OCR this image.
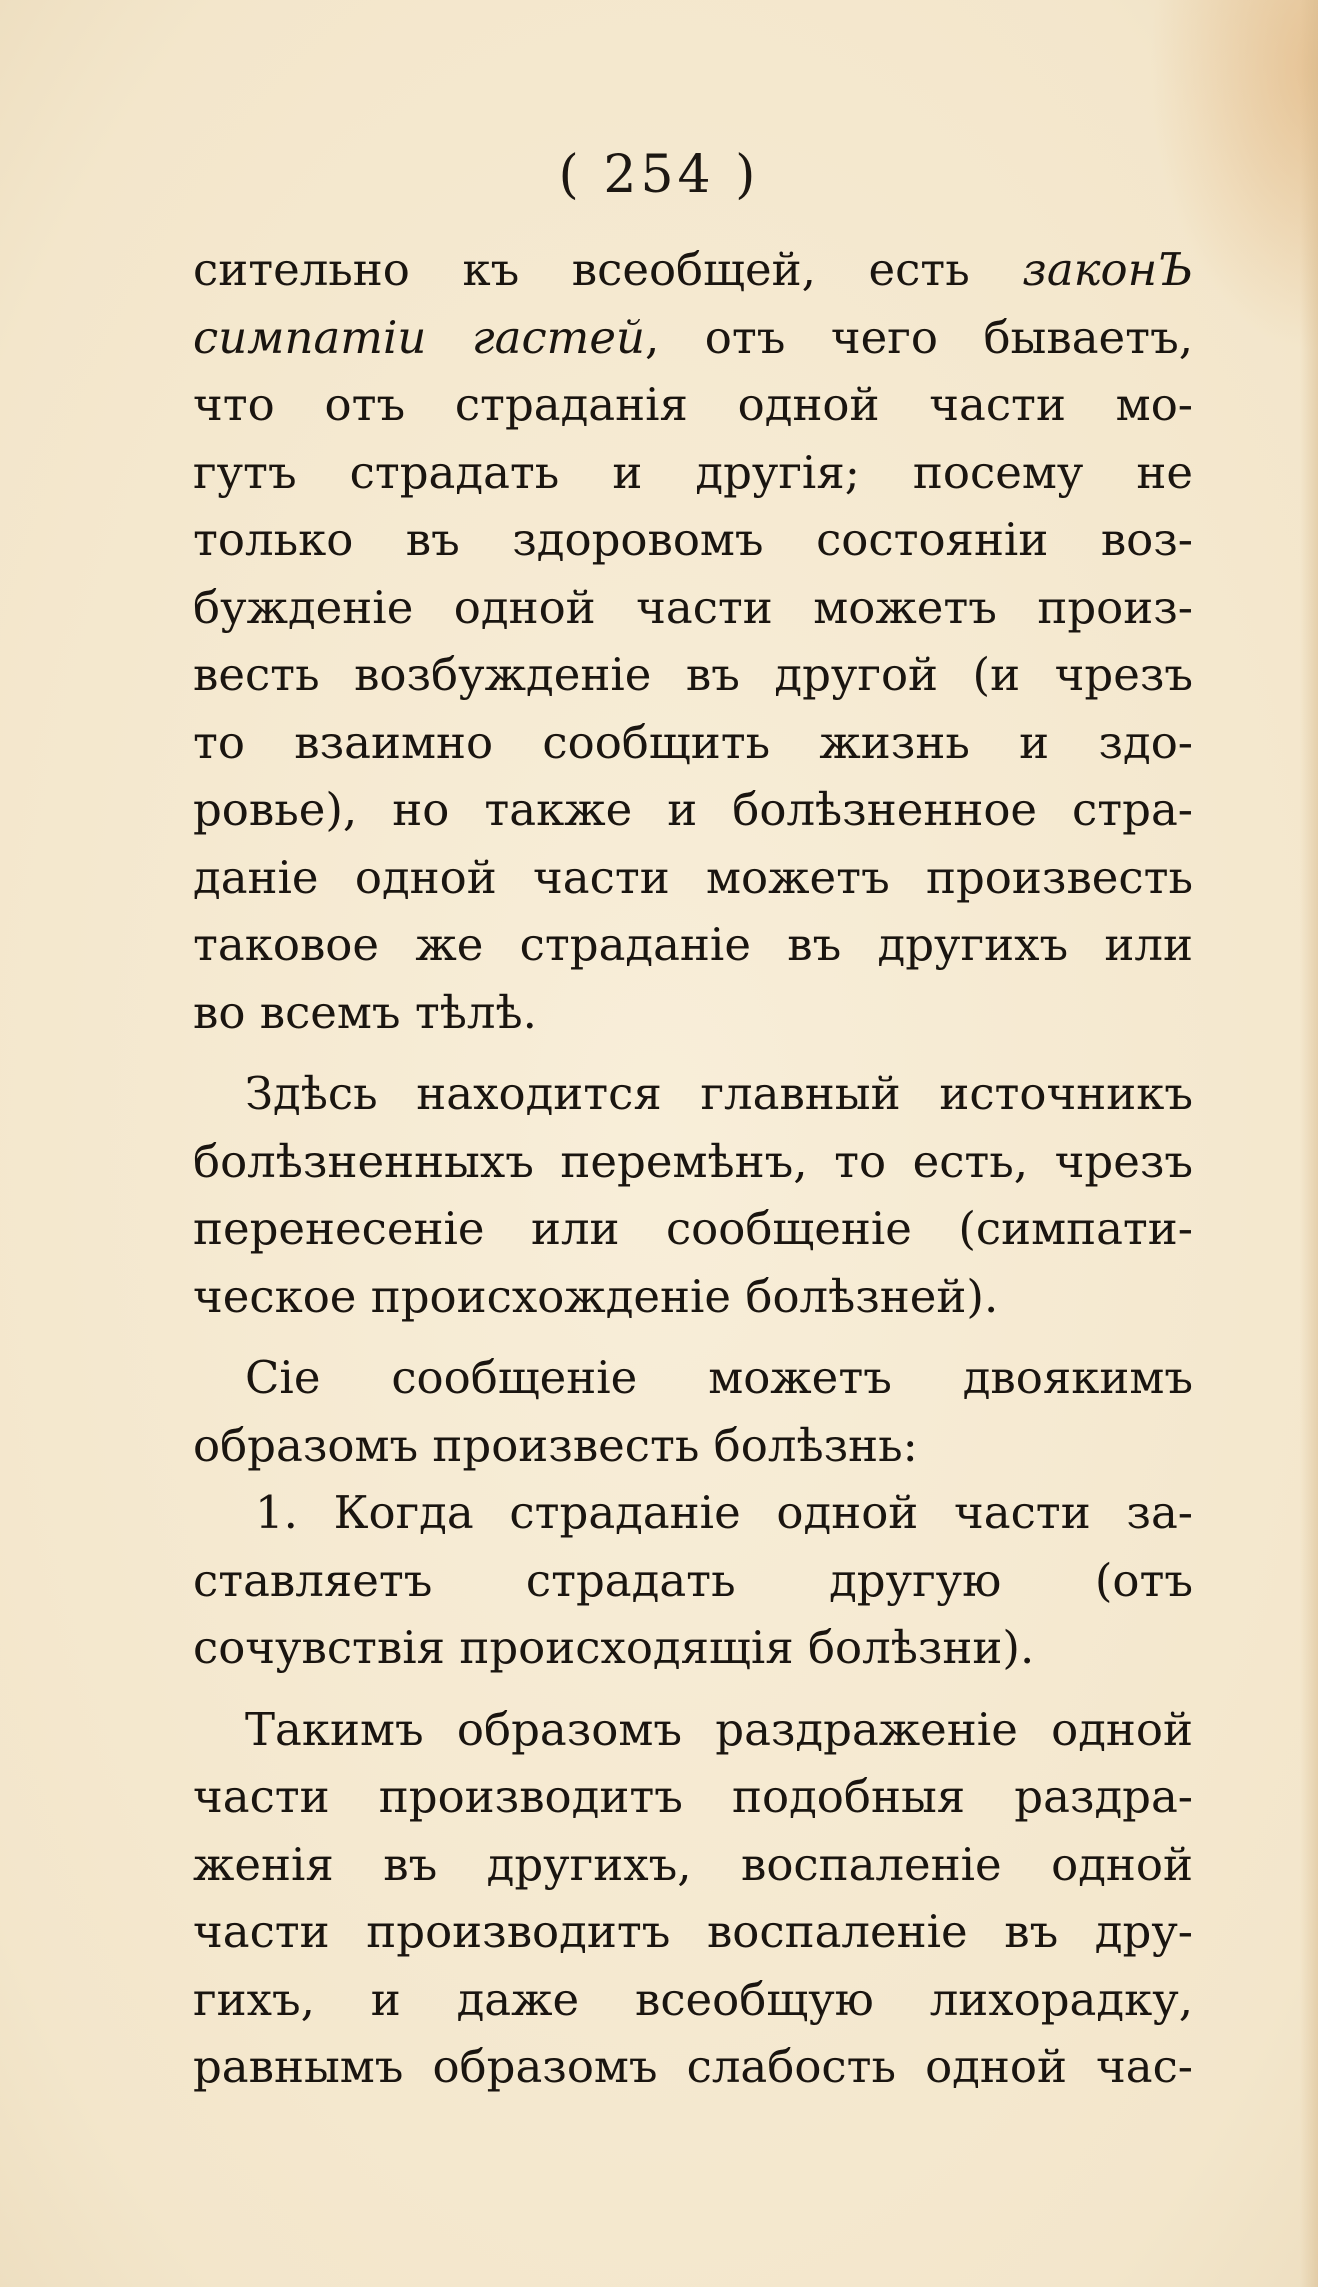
( 254 )
сительно къ всеобщей, есть законЪ
симпатіи гастей, отъ чего бываетъ,
что отъ страданія одной части мо-
гутъ страдать и другія; посему не
только въ здоровомъ состояніи воз-
бужденіе одной части можетъ произ-
весть возбужденіе въ другой (и чрезъ
то взаимно сообщить жизнь и здо-
ровье), но также и болѣзненное стра-
даніе одной части можетъ произвесть
таковое же страданіе въ другихъ или
во всемъ тѣлѣ.
Здѣсь находится главный источникъ
болѣзненныхъ перемѣнъ, то есть, чрезъ
перенесеніе или сообщеніе (симпати-
ческое происхожденіе болѣзней).
Сіе сообщеніе можетъ двоякимъ
образомъ произвесть болѣзнь:
1. Когда страданіе одной части за-
ставляетъ страдать другую (отъ
сочувствія происходящія болѣзни).
Такимъ образомъ раздраженіе одной
части производитъ подобныя раздра-
женія въ другихъ, воспаленіе одной
части производитъ воспаленіе въ дру-
гихъ, и даже всеобщую лихорадку,
равнымъ образомъ слабость одной час-
